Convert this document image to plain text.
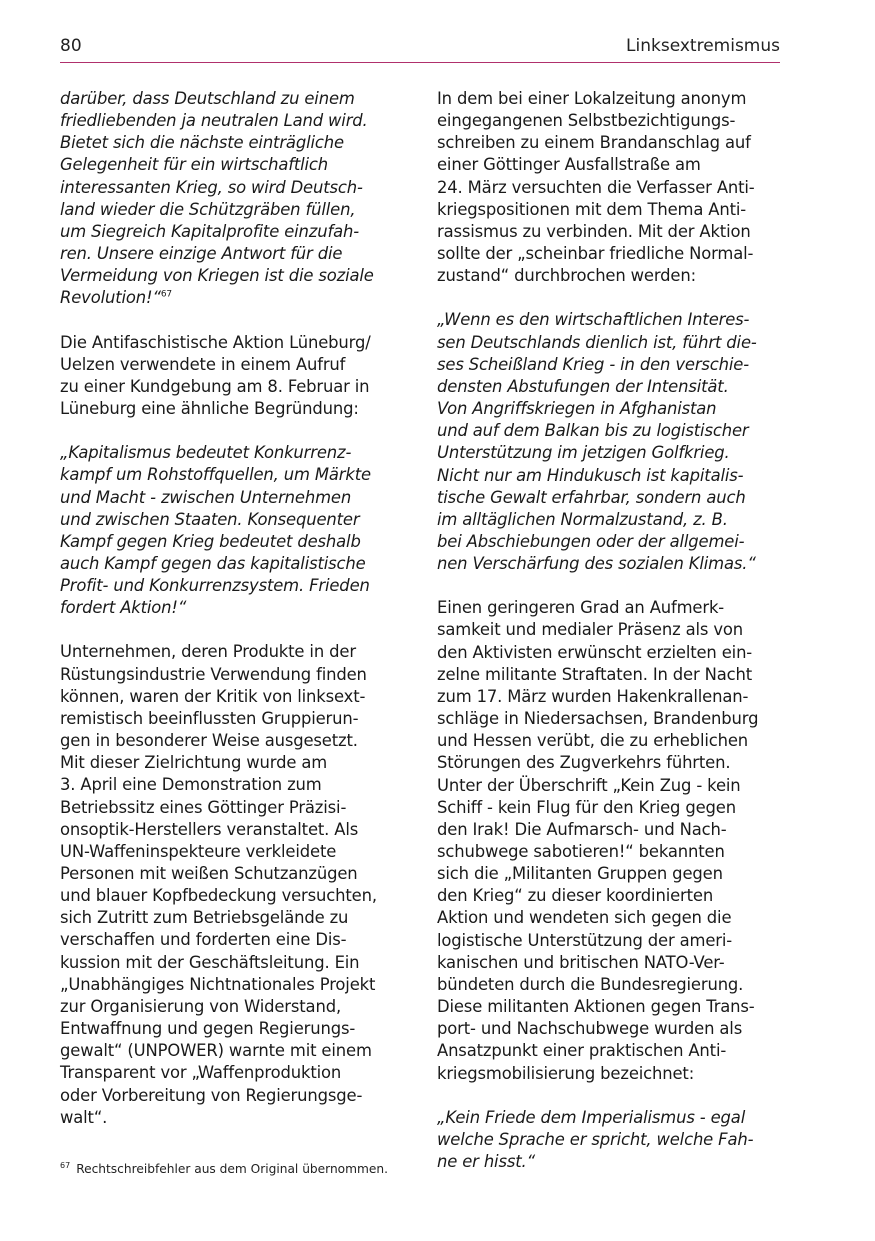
80	Linksextremismus
darüber, dass Deutschland zu einem
friedliebenden ja neutralen Land wird.
Bietet sich die nächste einträgliche
Gelegenheit für ein wirtschaftlich
interessanten Krieg, so wird Deutsch-
land wieder die Schützgräben füllen,
um Siegreich Kapitalprofite einzufah-
ren. Unsere einzige Antwort für die
Vermeidung von Kriegen ist die soziale
Revolution!“$^{67}$
Die Antifaschistische Aktion Lüneburg/
Uelzen verwendete in einem Aufruf
zu einer Kundgebung am 8. Februar in
Lüneburg eine ähnliche Begründung:
„Kapitalismus bedeutet Konkurrenz-
kampf um Rohstoffquellen, um Märkte
und Macht - zwischen Unternehmen
und zwischen Staaten. Konsequenter
Kampf gegen Krieg bedeutet deshalb
auch Kampf gegen das kapitalistische
Profit- und Konkurrenzsystem. Frieden
fordert Aktion!“
Unternehmen, deren Produkte in der
Rüstungsindustrie Verwendung finden
können, waren der Kritik von linksext-
remistisch beeinflussten Gruppierun-
gen in besonderer Weise ausgesetzt.
Mit dieser Zielrichtung wurde am
3. April eine Demonstration zum
Betriebssitz eines Göttinger Präzisi-
onsoptik-Herstellers veranstaltet. Als
UN-Waffeninspekteure verkleidete
Personen mit weißen Schutzanzügen
und blauer Kopfbedeckung versuchten,
sich Zutritt zum Betriebsgelände zu
verschaffen und forderten eine Dis-
kussion mit der Geschäftsleitung. Ein
„Unabhängiges Nichtnationales Projekt
zur Organisierung von Widerstand,
Entwaffnung und gegen Regierungs-
gewalt“ (UNPOWER) warnte mit einem
Transparent vor „Waffenproduktion
oder Vorbereitung von Regierungsge-
walt“.
In dem bei einer Lokalzeitung anonym
eingegangenen Selbstbezichtigungs-
schreiben zu einem Brandanschlag auf
einer Göttinger Ausfallstraße am
24. März versuchten die Verfasser Anti-
kriegspositionen mit dem Thema Anti-
rassismus zu verbinden. Mit der Aktion
sollte der „scheinbar friedliche Normal-
zustand“ durchbrochen werden:
„Wenn es den wirtschaftlichen Interes-
sen Deutschlands dienlich ist, führt die-
ses Scheißland Krieg - in den verschie-
densten Abstufungen der Intensität.
Von Angriffskriegen in Afghanistan
und auf dem Balkan bis zu logistischer
Unterstützung im jetzigen Golfkrieg.
Nicht nur am Hindukusch ist kapitalis-
tische Gewalt erfahrbar, sondern auch
im alltäglichen Normalzustand, z. B.
bei Abschiebungen oder der allgemei-
nen Verschärfung des sozialen Klimas.“
Einen geringeren Grad an Aufmerk-
samkeit und medialer Präsenz als von
den Aktivisten erwünscht erzielten ein-
zelne militante Straftaten. In der Nacht
zum 17. März wurden Hakenkrallenan-
schläge in Niedersachsen, Brandenburg
und Hessen verübt, die zu erheblichen
Störungen des Zugverkehrs führten.
Unter der Überschrift „Kein Zug - kein
Schiff - kein Flug für den Krieg gegen
den Irak! Die Aufmarsch- und Nach-
schubwege sabotieren!“ bekannten
sich die „Militanten Gruppen gegen
den Krieg“ zu dieser koordinierten
Aktion und wendeten sich gegen die
logistische Unterstützung der ameri-
kanischen und britischen NATO-Ver-
bündeten durch die Bundesregierung.
Diese militanten Aktionen gegen Trans-
port- und Nachschubwege wurden als
Ansatzpunkt einer praktischen Anti-
kriegsmobilisierung bezeichnet:
„Kein Friede dem Imperialismus - egal
welche Sprache er spricht, welche Fah-
ne er hisst.“
$^{67}$ Rechtschreibfehler aus dem Original übernommen.
